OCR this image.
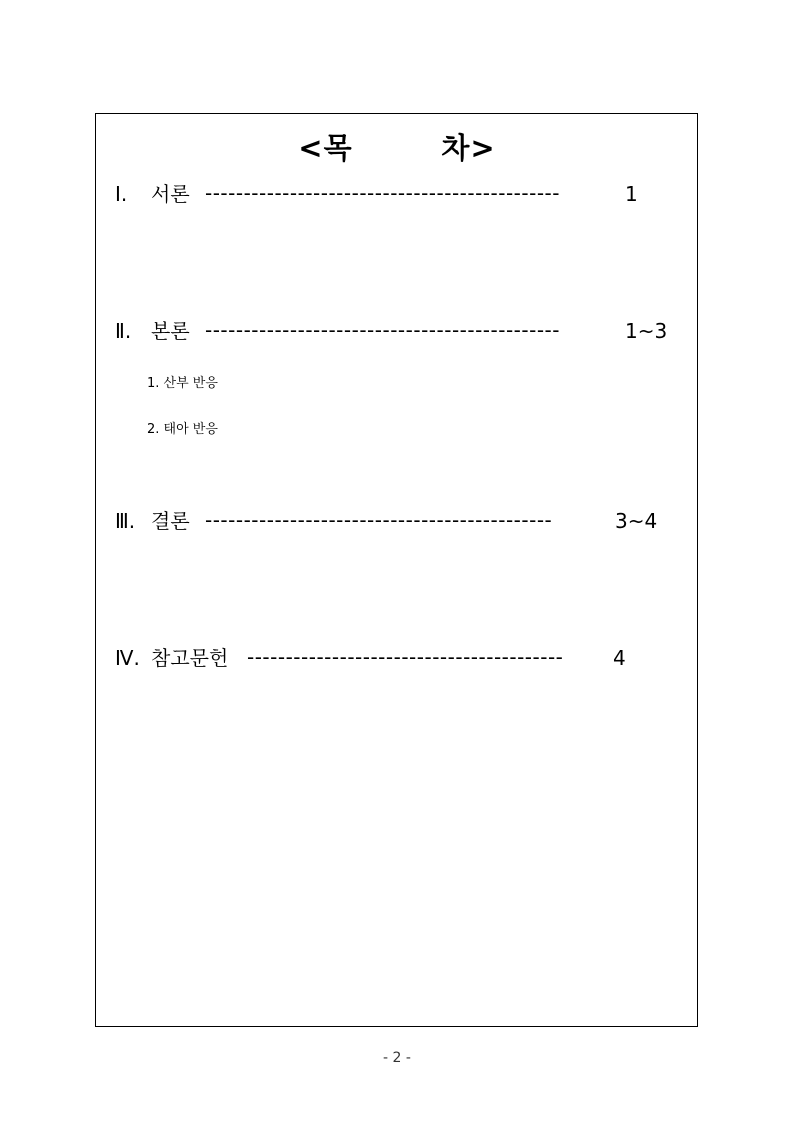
<목        차>
Ⅰ. 서론 ----------------------------------------------	1
Ⅱ. 본론 ----------------------------------------------	1~3
1. 산부 반응
2. 태아 반응
Ⅲ. 결론 ---------------------------------------------	3~4
Ⅳ. 참고문헌 ----------------------------------------- 4
- 2 -
